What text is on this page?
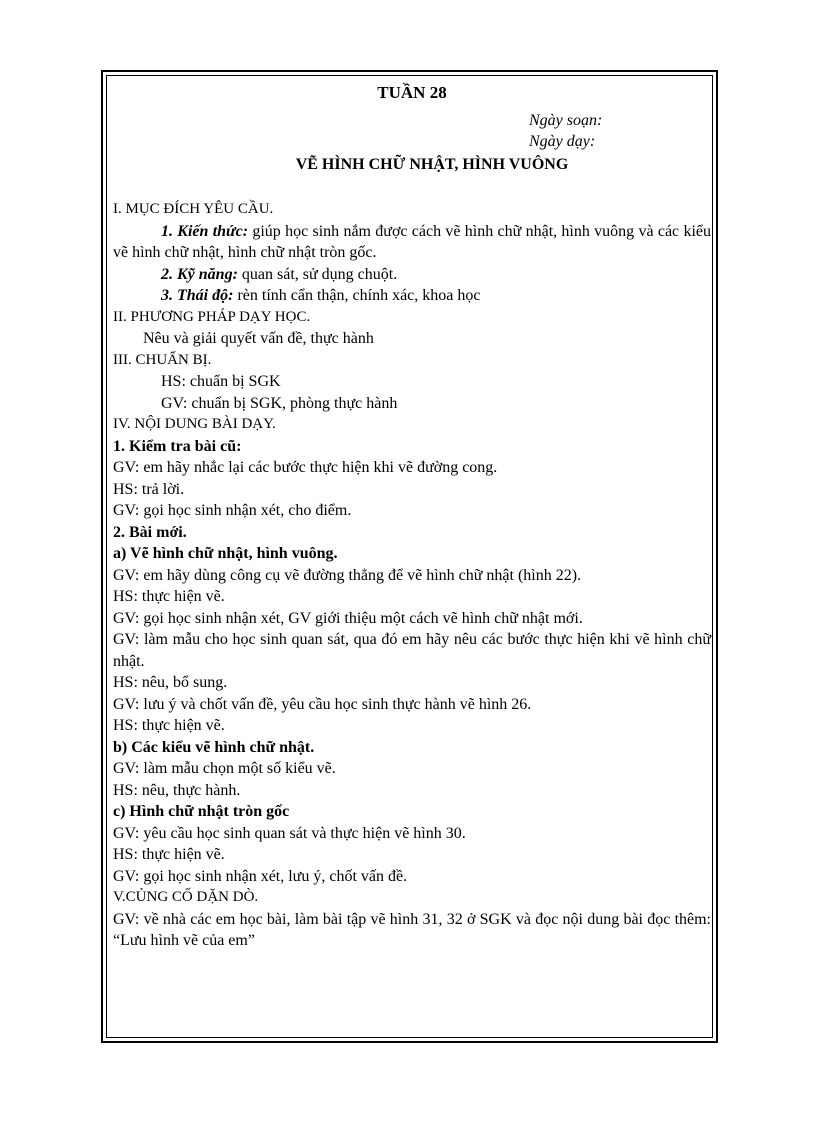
TUẦN 28

Ngày soạn:

Ngày dạy:

VẼ HÌNH CHỮ NHẬT, HÌNH VUÔNG

I. MỤC ĐÍCH YÊU CẦU.

1. Kiến thức: giúp học sinh nắm được cách vẽ hình chữ nhật, hình vuông và các kiểu vẽ hình chữ nhật, hình chữ nhật tròn gốc.

2. Kỹ năng: quan sát, sử dụng chuột.

3. Thái độ: rèn tính cẩn thận, chính xác, khoa học

II. PHƯƠNG PHÁP DẠY HỌC.

Nêu và giải quyết vấn đề, thực hành

III. CHUẨN BỊ.

HS: chuẩn bị SGK

GV: chuẩn bị SGK, phòng thực hành

IV. NỘI DUNG BÀI DẠY.

1. Kiểm tra bài cũ:

GV: em hãy nhắc lại các bước thực hiện khi vẽ đường cong.

HS: trả lời.

GV: gọi học sinh nhận xét, cho điểm.

2. Bài mới.

a) Vẽ hình chữ nhật, hình vuông.

GV: em hãy dùng công cụ vẽ đường thẳng để vẽ hình chữ nhật (hình 22).

HS: thực hiện vẽ.

GV: gọi học sinh nhận xét, GV giới thiệu một cách vẽ hình chữ nhật mới.

GV: làm mẫu cho học sinh quan sát, qua đó em hãy nêu các bước thực hiện khi vẽ hình chữ nhật.

HS: nêu, bổ sung.

GV: lưu ý và chốt vấn đề, yêu cầu học sinh thực hành vẽ hình 26.

HS: thực hiện vẽ.

b) Các kiểu vẽ hình chữ nhật.

GV: làm mẫu chọn một số kiểu vẽ.

HS: nêu, thực hành.

c) Hình chữ nhật tròn gốc

GV: yêu cầu học sinh quan sát và thực hiện vẽ hình 30.

HS: thực hiện vẽ.

GV: gọi học sinh nhận xét, lưu ý, chốt vấn đề.

V.CỦNG CỐ DẶN DÒ.

GV: về nhà các em học bài, làm bài tập vẽ hình 31, 32 ở SGK và đọc nội dung bài đọc thêm: “Lưu hình vẽ của em”
